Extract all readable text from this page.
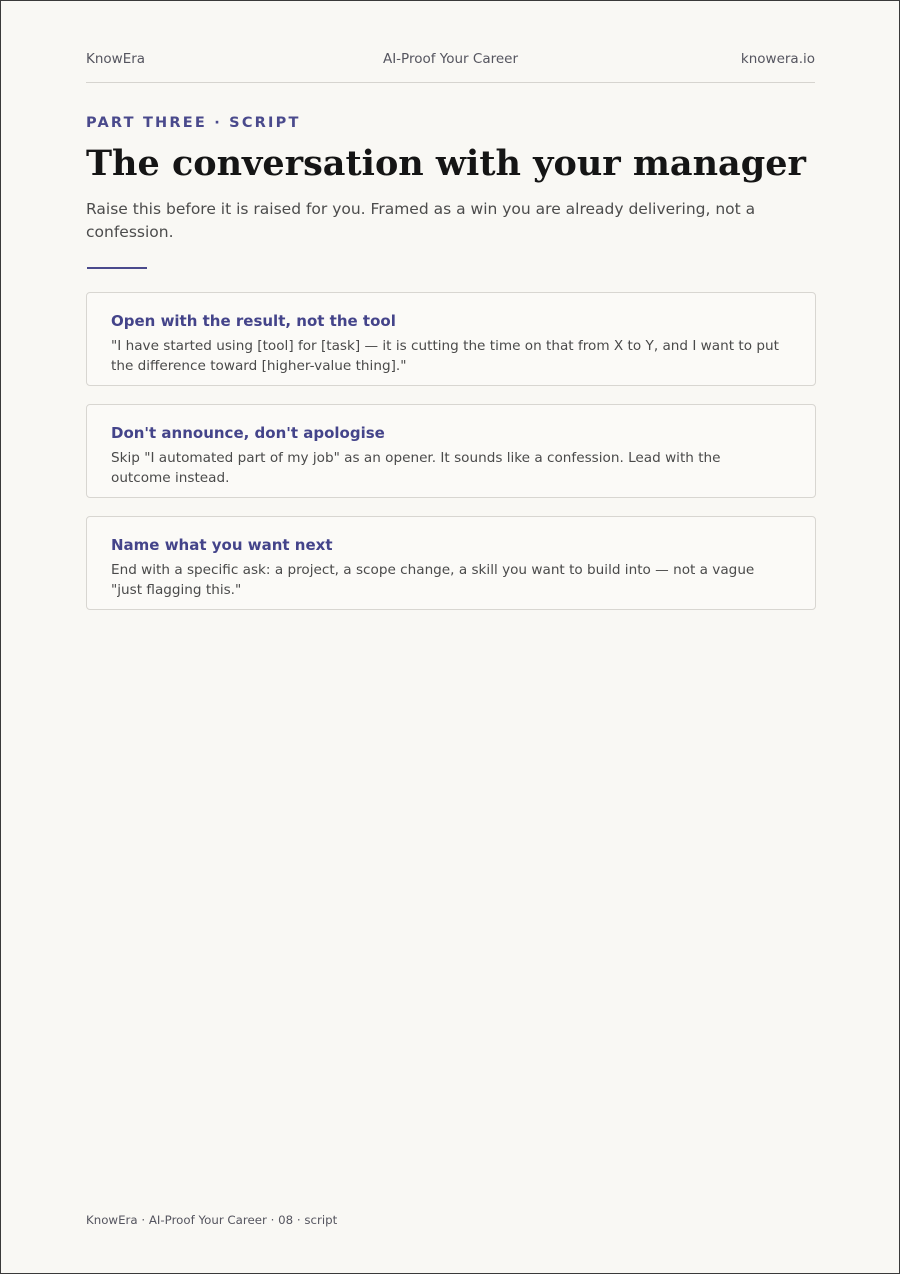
AI-Proof Your Career
KnowEra	knowera.io
PART THREE · SCRIPT
The conversation with your manager

Raise this before it is raised for you. Framed as a win you are already delivering, not a confession.

Open with the result, not the tool

"I have started using [tool] for [task] — it is cutting the time on that from X to Y, and I want to put the difference toward [higher-value thing]."

Don't announce, don't apologise

Skip "I automated part of my job" as an opener. It sounds like a confession. Lead with the outcome instead.

Name what you want next

End with a specific ask: a project, a scope change, a skill you want to build into — not a vague "just flagging this."

KnowEra · AI-Proof Your Career · 08 · script
